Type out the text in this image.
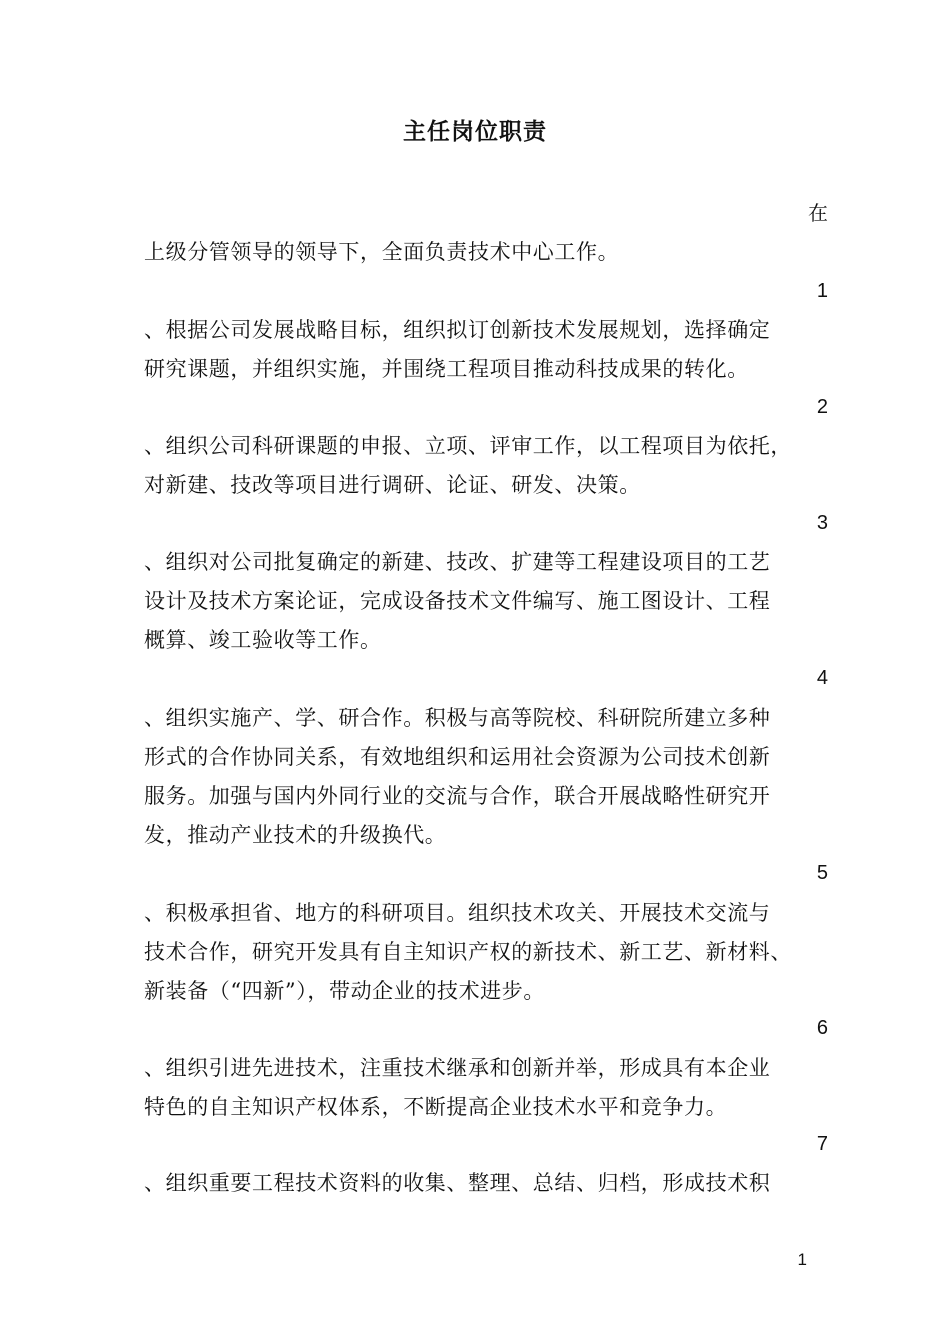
主任岗位职责
在
上级分管领导的领导下，全面负责技术中心工作。
1
、根据公司发展战略目标，组织拟订创新技术发展规划，选择确定
研究课题，并组织实施，并围绕工程项目推动科技成果的转化。
2
、组织公司科研课题的申报、立项、评审工作，以工程项目为依托，
对新建、技改等项目进行调研、论证、研发、决策。
3
、组织对公司批复确定的新建、技改、扩建等工程建设项目的工艺
设计及技术方案论证，完成设备技术文件编写、施工图设计、工程
概算、竣工验收等工作。
4
、组织实施产、学、研合作。积极与高等院校、科研院所建立多种
形式的合作协同关系，有效地组织和运用社会资源为公司技术创新
服务。加强与国内外同行业的交流与合作，联合开展战略性研究开
发，推动产业技术的升级换代。
5
、积极承担省、地方的科研项目。组织技术攻关、开展技术交流与
技术合作，研究开发具有自主知识产权的新技术、新工艺、新材料、
新装备（“四新”），带动企业的技术进步。
6
、组织引进先进技术，注重技术继承和创新并举，形成具有本企业
特色的自主知识产权体系，不断提高企业技术水平和竞争力。
7
、组织重要工程技术资料的收集、整理、总结、归档，形成技术积
1
